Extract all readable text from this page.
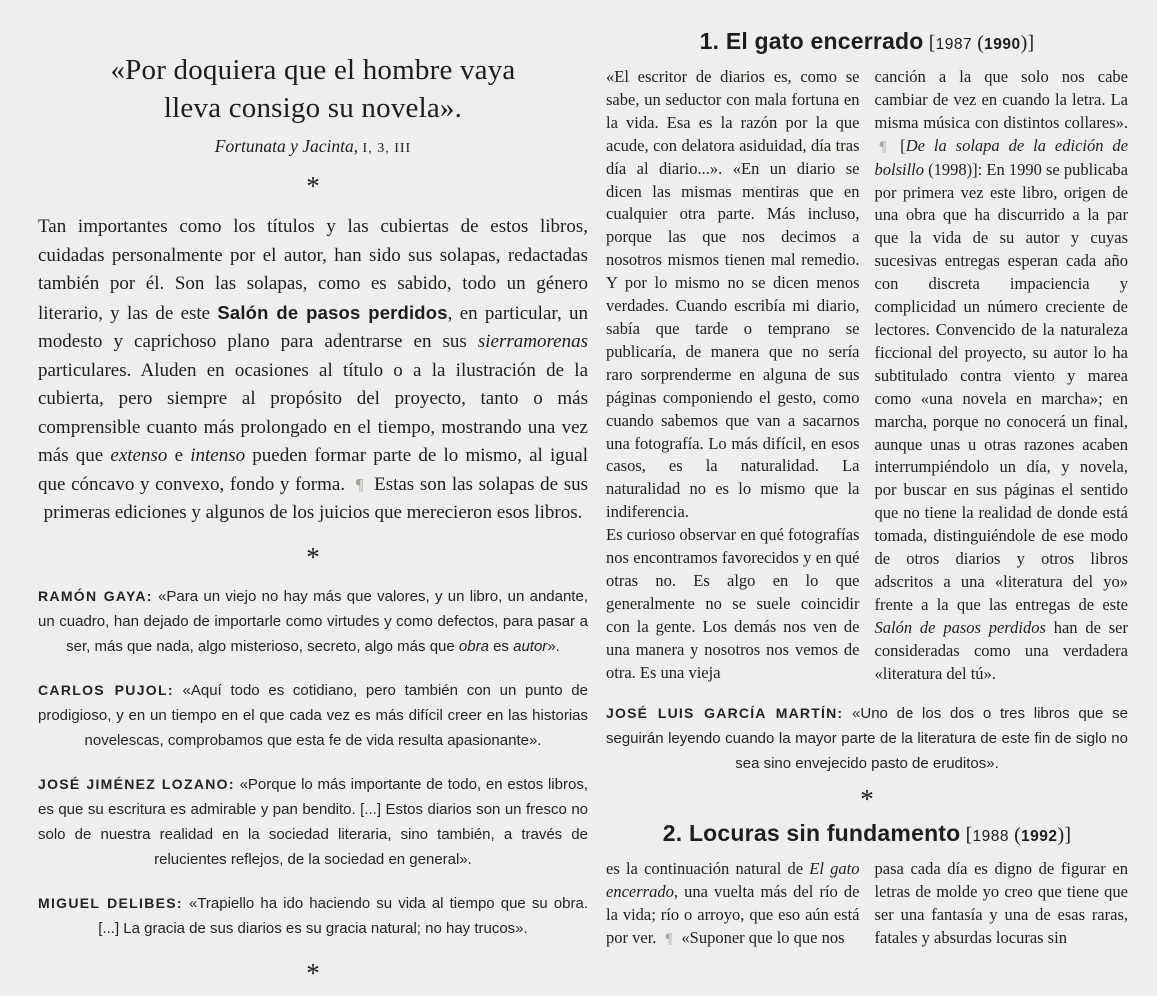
«Por doquiera que el hombre vaya
lleva consigo su novela».
Fortunata y Jacinta, I, 3, III
*
Tan importantes como los títulos y las cubiertas de estos libros, cuidadas personalmente por el autor, han sido sus solapas, redactadas también por él. Son las solapas, como es sabido, todo un género literario, y las de este Salón de pasos perdidos, en particular, un modesto y caprichoso plano para adentrarse en sus sierramorenas particulares. Aluden en ocasiones al título o a la ilustración de la cubierta, pero siempre al propósito del proyecto, tanto o más comprensible cuanto más prolongado en el tiempo, mostrando una vez más que extenso e intenso pueden formar parte de lo mismo, al igual que cóncavo y convexo, fondo y forma. ¶ Estas son las solapas de sus primeras ediciones y algunos de los juicios que merecieron esos libros.
*
RAMÓN GAYA: «Para un viejo no hay más que valores, y un libro, un andante, un cuadro, han dejado de importarle como virtudes y como defectos, para pasar a ser, más que nada, algo misterioso, secreto, algo más que obra es autor».
CARLOS PUJOL: «Aquí todo es cotidiano, pero también con un punto de prodigioso, y en un tiempo en el que cada vez es más difícil creer en las historias novelescas, comprobamos que esta fe de vida resulta apasionante».
JOSÉ JIMÉNEZ LOZANO: «Porque lo más importante de todo, en estos libros, es que su escritura es admirable y pan bendito. [...] Estos diarios son un fresco no solo de nuestra realidad en la sociedad literaria, sino también, a través de relucientes reflejos, de la sociedad en general».
MIGUEL DELIBES: «Trapiello ha ido haciendo su vida al tiempo que su obra. [...] La gracia de sus diarios es su gracia natural; no hay trucos».
*
1. El gato encerrado [1987 (1990)]
«El escritor de diarios es, como se sabe, un seductor con mala fortuna en la vida. Esa es la razón por la que acude, con delatora asiduidad, día tras día al diario...». «En un diario se dicen las mismas mentiras que en cualquier otra parte. Más incluso, porque las que nos decimos a nosotros mismos tienen mal remedio. Y por lo mismo no se dicen menos verdades. Cuando escribía mi diario, sabía que tarde o temprano se publicaría, de manera que no sería raro sorprenderme en alguna de sus páginas componiendo el gesto, como cuando sabemos que van a sacarnos una fotografía. Lo más difícil, en esos casos, es la naturalidad. La naturalidad no es lo mismo que la indiferencia.
Es curioso observar en qué fotografías nos encontramos favorecidos y en qué otras no. Es algo en lo que generalmente no se suele coincidir con la gente. Los demás nos ven de una manera y nosotros nos vemos de otra. Es una vieja
canción a la que solo nos cabe cambiar de vez en cuando la letra. La misma música con distintos collares». ¶ [De la solapa de la edición de bolsillo (1998)]: En 1990 se publicaba por primera vez este libro, origen de una obra que ha discurrido a la par que la vida de su autor y cuyas sucesivas entregas esperan cada año con discreta impaciencia y complicidad un número creciente de lectores. Convencido de la naturaleza ficcional del proyecto, su autor lo ha subtitulado contra viento y marea como «una novela en marcha»; en marcha, porque no conocerá un final, aunque unas u otras razones acaben interrumpiéndolo un día, y novela, por buscar en sus páginas el sentido que no tiene la realidad de donde está tomada, distinguiéndole de ese modo de otros diarios y otros libros adscritos a una «literatura del yo» frente a la que las entregas de este Salón de pasos perdidos han de ser consideradas como una verdadera «literatura del tú».
JOSÉ LUIS GARCÍA MARTÍN: «Uno de los dos o tres libros que se seguirán leyendo cuando la mayor parte de la literatura de este fin de siglo no sea sino envejecido pasto de eruditos».
*
2. Locuras sin fundamento [1988 (1992)]
es la continuación natural de El gato encerrado, una vuelta más del río de la vida; río o arroyo, que eso aún está por ver. ¶ «Suponer que lo que nos
pasa cada día es digno de figurar en letras de molde yo creo que tiene que ser una fantasía y una de esas raras, fatales y absurdas locuras sin
